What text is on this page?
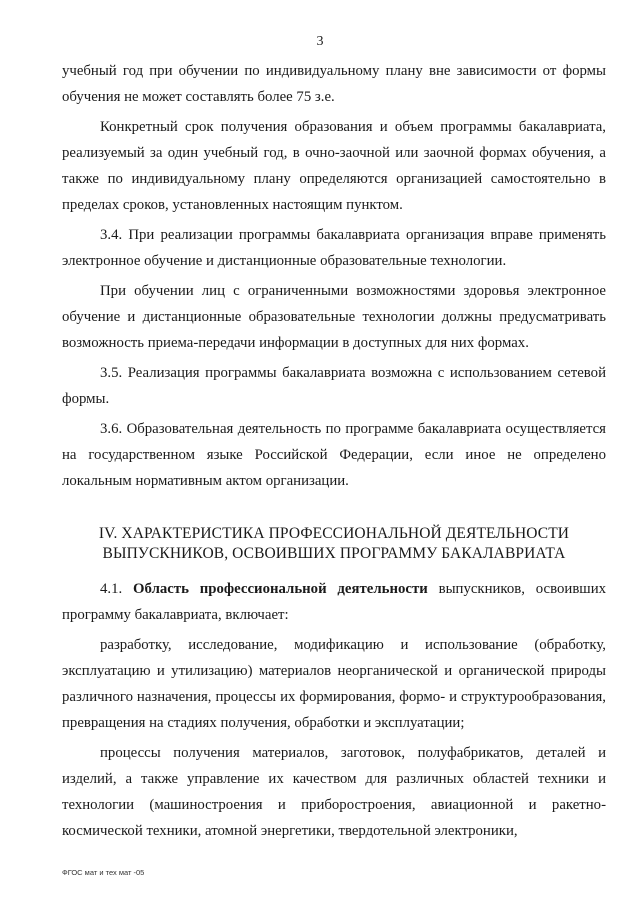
3

учебный год при обучении по индивидуальному плану вне зависимости от формы обучения не может составлять более 75 з.е.

Конкретный срок получения образования и объем программы бакалавриата, реализуемый за один учебный год, в очно-заочной или заочной формах обучения, а также по индивидуальному плану определяются организацией самостоятельно в пределах сроков, установленных настоящим пунктом.

3.4. При реализации программы бакалавриата организация вправе применять электронное обучение и дистанционные образовательные технологии.

При обучении лиц с ограниченными возможностями здоровья электронное обучение и дистанционные образовательные технологии должны предусматривать возможность приема-передачи информации в доступных для них формах.

3.5. Реализация программы бакалавриата возможна с использованием сетевой формы.

3.6. Образовательная деятельность по программе бакалавриата осуществляется на государственном языке Российской Федерации, если иное не определено локальным нормативным актом организации.

IV. ХАРАКТЕРИСТИКА ПРОФЕССИОНАЛЬНОЙ ДЕЯТЕЛЬНОСТИ
ВЫПУСКНИКОВ, ОСВОИВШИХ ПРОГРАММУ БАКАЛАВРИАТА

4.1. Область профессиональной деятельности выпускников, освоивших программу бакалавриата, включает:

разработку, исследование, модификацию и использование (обработку, эксплуатацию и утилизацию) материалов неорганической и органической природы различного назначения, процессы их формирования, формо- и структурообразования, превращения на стадиях получения, обработки и эксплуатации;

процессы получения материалов, заготовок, полуфабрикатов, деталей и изделий, а также управление их качеством для различных областей техники и технологии (машиностроения и приборостроения, авиационной и ракетно-космической техники, атомной энергетики, твердотельной электроники,

ФГОС мат и тех мат -05
